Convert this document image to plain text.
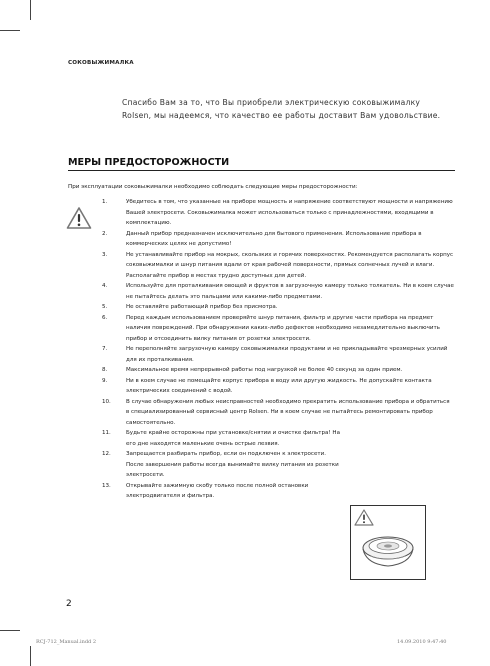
СОКОВЫЖИМАЛКА
Спасибо Вам за то, что Вы приобрели электрическую соковыжималку Rolsen, мы надеемся, что качество ее работы доставит Вам удовольствие.
МЕРЫ ПРЕДОСТОРОЖНОСТИ
При эксплуатации соковыжималки необходимо соблюдать следующие меры предосторожности:
1.	Убедитесь в том, что указанные на приборе мощность и напряжение соответствуют мощности и напряжению Вашей электросети. Соковыжималка может использоваться только с принадлежностями, входящими в комплектацию.
2.	Данный прибор предназначен исключительно для бытового применения. Использование прибора в коммерческих целях не допустимо!
3.	Не устанавливайте прибор на мокрых, скользких и горячих поверхностях. Рекомендуется располагать корпус соковыжималки и шнур питания вдали от края рабочей поверхности, прямых солнечных лучей и влаги. Располагайте прибор в местах трудно доступных для детей.
4.	Используйте для проталкивания овощей и фруктов в загрузочную камеру только толкатель. Ни в коем случае не пытайтесь делать это пальцами или какими-либо предметами.
5.	Не оставляйте работающий прибор без присмотра.
6.	Перед каждым использованием проверяйте шнур питания, фильтр и другие части прибора на предмет наличия повреждений. При обнаружении каких-либо дефектов необходимо незамедлительно выключить прибор и отсоединить вилку питания от розетки электросети.
7.	Не переполняйте загрузочную камеру соковыжималки продуктами и не прикладывайте чрезмерных усилий для их проталкивания.
8.	Максимальное время непрерывной работы под нагрузкой не более 40 секунд за один прием.
9.	Ни в коем случае не помещайте корпус прибора в воду или другую жидкость. Не допускайте контакта электрических соединений с водой.
10.	В случае обнаружения любых неисправностей необходимо прекратить использование прибора и обратиться в специализированный сервисный центр Rolsen. Ни в коем случае не пытайтесь ремонтировать прибор самостоятельно.
11.	Будьте крайне осторожны при установке/снятии и очистке фильтра! На его дне находятся маленькие очень острые лезвия.
12.	Запрещается разбирать прибор, если он подключен к электросети. После завершения работы всегда вынимайте вилку питания из розетки электросети.
13.	Открывайте зажимную скобу только после полной остановки электродвигателя и фильтра.
2
RCJ-712_Manual.indd 2	14.09.2010 9:47:40
